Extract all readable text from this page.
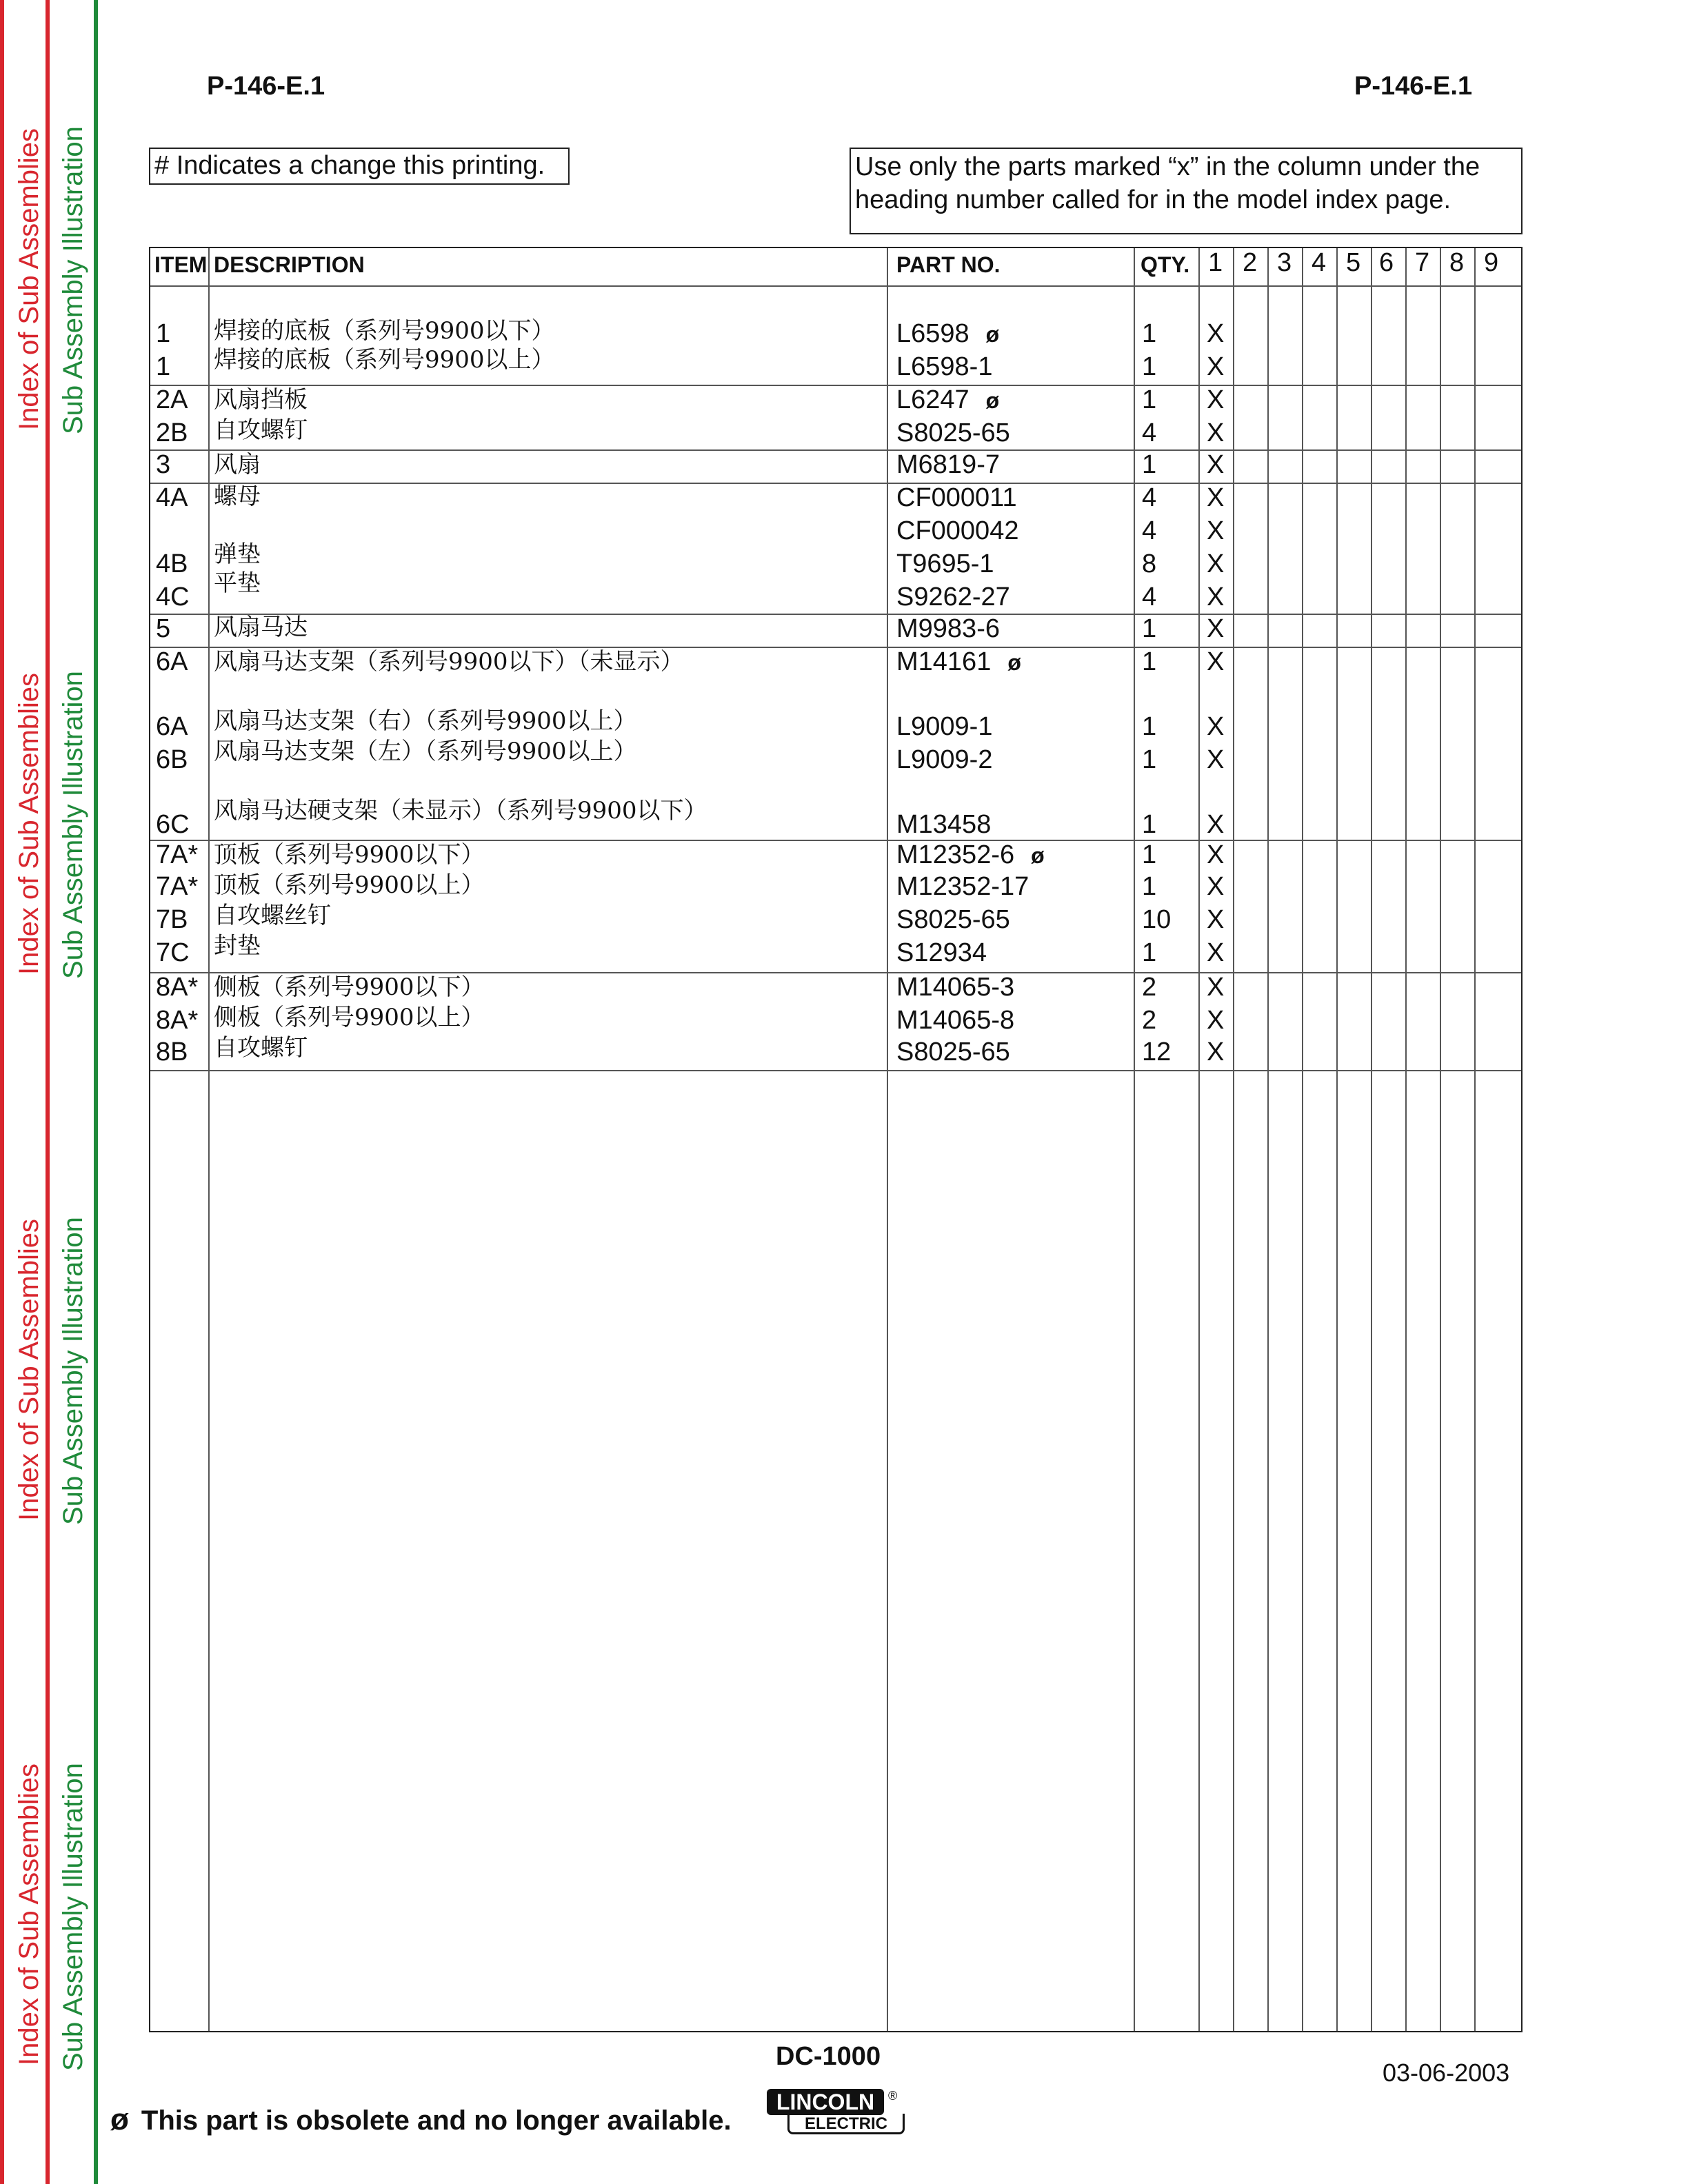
Index of Sub Assemblies
Index of Sub Assemblies
Index of Sub Assemblies
Index of Sub Assemblies
Sub Assembly Illustration
Sub Assembly Illustration
Sub Assembly Illustration
Sub Assembly Illustration
P-146-E.1	P-146-E.1
# Indicates a change this printing.	Use only the parts marked “x” in the column under the
heading number called for in the model index page.
ITEM DESCRIPTION	PART NO.	QTY. 1 2 3 4 5 6 7 8 9
1 焊接的底板（系列号9900以下）	L6598 ø	1 X
1 焊接的底板（系列号9900以上）	L6598-1	1 X
2A 风扇挡板	L6247 ø	1 X
2B 自攻螺钉	S8025-65	4 X
3 风扇	M6819-7	1 X
4A 螺母	CF000011	4 X
CF000042	4 X
4B 弹垫	T9695-1	8 X
4C 平垫	S9262-27	4 X
5 风扇马达	M9983-6	1 X
6A 风扇马达支架（系列号9900以下）（未显示）	M14161 ø	1 X
6A 风扇马达支架（右）（系列号9900以上）	L9009-1	1 X
6B 风扇马达支架（左）（系列号9900以上）	L9009-2	1 X
6C 风扇马达硬支架（未显示）（系列号9900以下）	M13458	1 X
7A* 顶板（系列号9900以下）	M12352-6 ø	1 X
7A* 顶板（系列号9900以上）	M12352-17	1 X
7B 自攻螺丝钉	S8025-65	10 X
7C 封垫	S12934	1 X
8A* 侧板（系列号9900以下）	M14065-3	2 X
8A* 侧板（系列号9900以上）	M14065-8	2 X
8B 自攻螺钉	S8025-65	12 X
DC-1000
03-06-2003
ø This part is obsolete and no longer available.
LINCOLN	®
ELECTRIC
